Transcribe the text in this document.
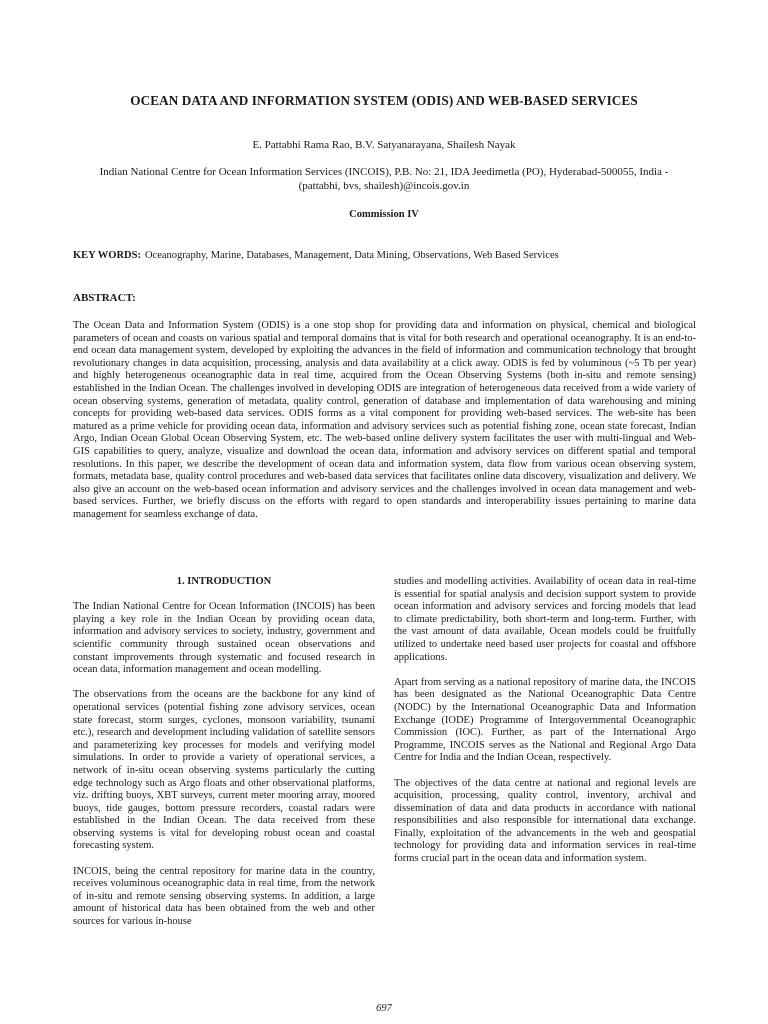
OCEAN DATA AND INFORMATION SYSTEM (ODIS) AND WEB-BASED SERVICES
E. Pattabhi Rama Rao, B.V. Satyanarayana, Shailesh Nayak
Indian National Centre for Ocean Information Services (INCOIS), P.B. No: 21, IDA Jeedimetla (PO), Hyderabad-500055, India - (pattabhi, bvs, shailesh)@incois.gov.in
Commission IV
KEY WORDS: Oceanography, Marine, Databases, Management, Data Mining, Observations, Web Based Services
ABSTRACT:

The Ocean Data and Information System (ODIS) is a one stop shop for providing data and information on physical, chemical and biological parameters of ocean and coasts on various spatial and temporal domains that is vital for both research and operational oceanography. It is an end-to-end ocean data management system, developed by exploiting the advances in the field of information and communication technology that brought revolutionary changes in data acquisition, processing, analysis and data availability at a click away. ODIS is fed by voluminous (~5 Tb per year) and highly heterogeneous oceanographic data in real time, acquired from the Ocean Observing Systems (both in-situ and remote sensing) established in the Indian Ocean. The challenges involved in developing ODIS are integration of heterogeneous data received from a wide variety of ocean observing systems, generation of metadata, quality control, generation of database and implementation of data warehousing and mining concepts for providing web-based data services. ODIS forms as a vital component for providing web-based services. The web-site has been matured as a prime vehicle for providing ocean data, information and advisory services such as potential fishing zone, ocean state forecast, Indian Argo, Indian Ocean Global Ocean Observing System, etc. The web-based online delivery system facilitates the user with multi-lingual and Web-GIS capabilities to query, analyze, visualize and download the ocean data, information and advisory services on different spatial and temporal resolutions. In this paper, we describe the development of ocean data and information system, data flow from various ocean observing system, formats, metadata base, quality control procedures and web-based data services that facilitates online data discovery, visualization and delivery. We also give an account on the web-based ocean information and advisory services and the challenges involved in ocean data management and web-based services. Further, we briefly discuss on the efforts with regard to open standards and interoperability issues pertaining to marine data management for seamless exchange of data.

1. INTRODUCTION

The Indian National Centre for Ocean Information (INCOIS) has been playing a key role in the Indian Ocean by providing ocean data, information and advisory services to society, industry, government and scientific community through sustained ocean observations and constant improvements through systematic and focused research in ocean data, information management and ocean modelling.

The observations from the oceans are the backbone for any kind of operational services (potential fishing zone advisory services, ocean state forecast, storm surges, cyclones, monsoon variability, tsunami etc.), research and development including validation of satellite sensors and parameterizing key processes for models and verifying model simulations. In order to provide a variety of operational services, a network of in-situ ocean observing systems particularly the cutting edge technology such as Argo floats and other observational platforms, viz. drifting buoys, XBT surveys, current meter mooring array, moored buoys, tide gauges, bottom pressure recorders, coastal radars were established in the Indian Ocean. The data received from these observing systems is vital for developing robust ocean and coastal forecasting system.

INCOIS, being the central repository for marine data in the country, receives voluminous oceanographic data in real time, from the network of in-situ and remote sensing observing systems. In addition, a large amount of historical data has been obtained from the web and other sources for various in-house

studies and modelling activities. Availability of ocean data in real-time is essential for spatial analysis and decision support system to provide ocean information and advisory services and forcing models that lead to climate predictability, both short-term and long-term. Further, with the vast amount of data available, Ocean models could be fruitfully utilized to undertake need based user projects for coastal and offshore applications.

Apart from serving as a national repository of marine data, the INCOIS has been designated as the National Oceanographic Data Centre (NODC) by the International Oceanographic Data and Information Exchange (IODE) Programme of Intergovernmental Oceanographic Commission (IOC). Further, as part of the International Argo Programme, INCOIS serves as the National and Regional Argo Data Centre for India and the Indian Ocean, respectively.

The objectives of the data centre at national and regional levels are acquisition, processing, quality control, inventory, archival and dissemination of data and data products in accordance with national responsibilities and also responsible for international data exchange. Finally, exploitation of the advancements in the web and geospatial technology for providing data and information services in real-time forms crucial part in the ocean data and information system.

697
